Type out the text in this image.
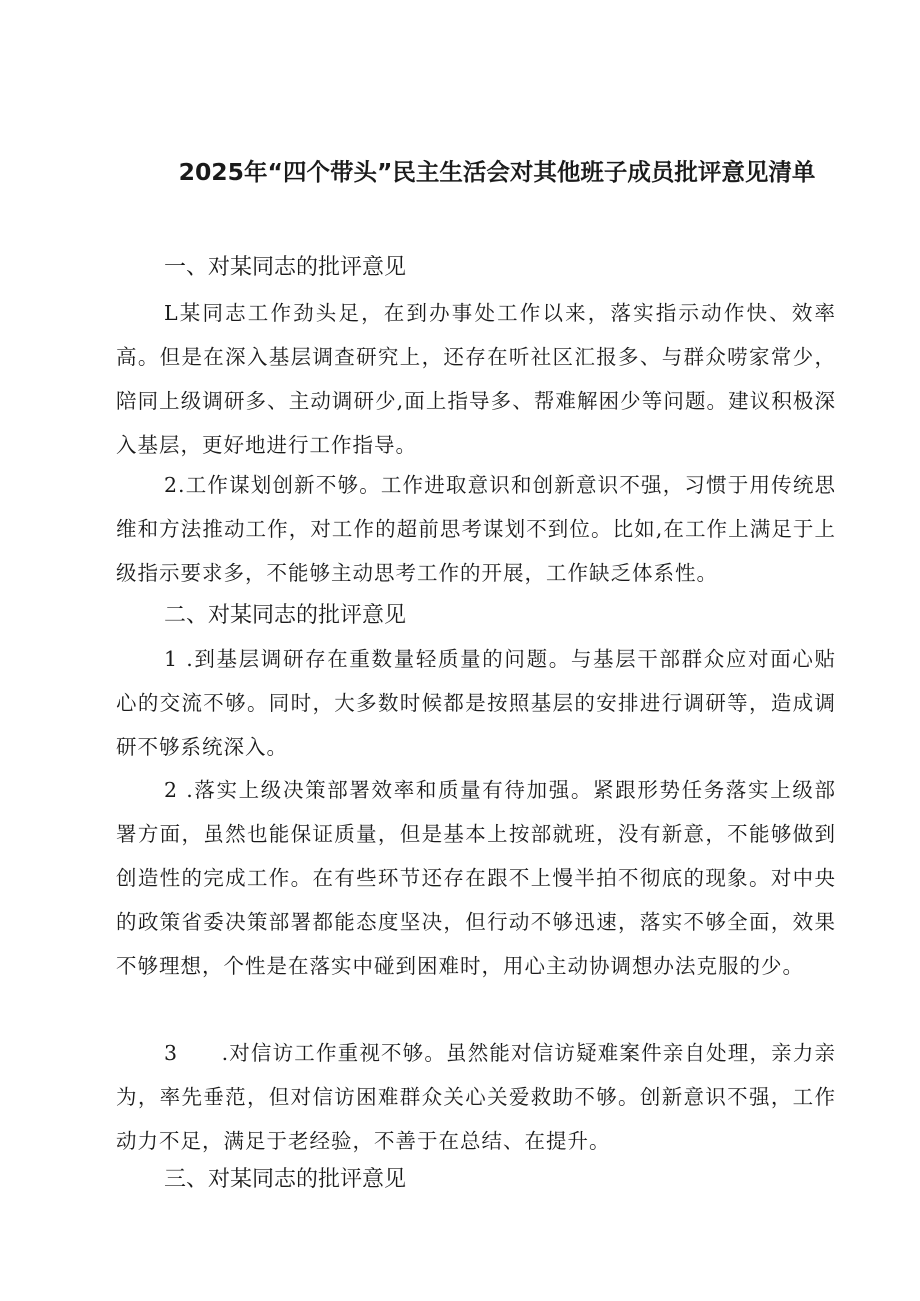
2025年“四个带头”民主生活会对其他班子成员批评意见清单
一、对某同志的批评意见
L某同志工作劲头足，在到办事处工作以来，落实指示动作快、效率高。但是在深入基层调查研究上，还存在听社区汇报多、与群众唠家常少，陪同上级调研多、主动调研少,面上指导多、帮难解困少等问题。建议积极深入基层，更好地进行工作指导。
2.工作谋划创新不够。工作进取意识和创新意识不强，习惯于用传统思维和方法推动工作，对工作的超前思考谋划不到位。比如,在工作上满足于上级指示要求多，不能够主动思考工作的开展，工作缺乏体系性。
二、对某同志的批评意见
1 .到基层调研存在重数量轻质量的问题。与基层干部群众应对面心贴心的交流不够。同时，大多数时候都是按照基层的安排进行调研等，造成调研不够系统深入。
2 .落实上级决策部署效率和质量有待加强。紧跟形势任务落实上级部署方面，虽然也能保证质量，但是基本上按部就班，没有新意，不能够做到创造性的完成工作。在有些环节还存在跟不上慢半拍不彻底的现象。对中央的政策省委决策部署都能态度坚决，但行动不够迅速，落实不够全面，效果不够理想，个性是在落实中碰到困难时，用心主动协调想办法克服的少。
3　　.对信访工作重视不够。虽然能对信访疑难案件亲自处理，亲力亲为，率先垂范，但对信访困难群众关心关爱救助不够。创新意识不强，工作动力不足，满足于老经验，不善于在总结、在提升。
三、对某同志的批评意见
